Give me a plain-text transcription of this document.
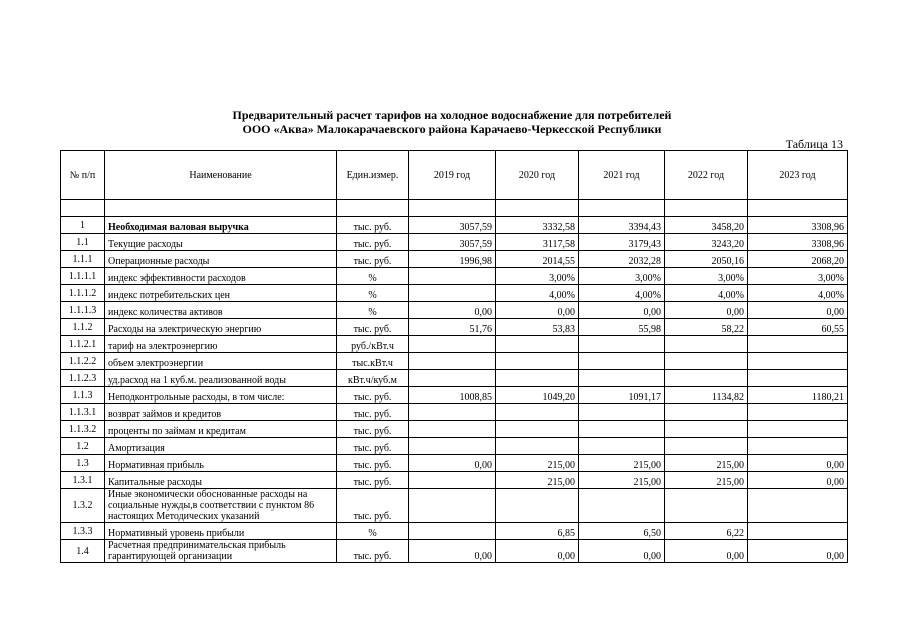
Предварительный расчет тарифов на холодное водоснабжение для потребителей
ООО «Аква» Малокарачаевского района Карачаево-Черкесской Республики
Таблица 13
№ п/п	Наименование	Един.измер.	2019 год	2020 год	2021 год	2022 год	2023 год

1	Необходимая валовая выручка	тыс. руб.	3057,59	3332,58	3394,43	3458,20	3308,96
1.1	Текущие расходы	тыс. руб.	3057,59	3117,58	3179,43	3243,20	3308,96
1.1.1	Операционные расходы	тыс. руб.	1996,98	2014,55	2032,28	2050,16	2068,20
1.1.1.1	индекс эффективности расходов	%		3,00%	3,00%	3,00%	3,00%
1.1.1.2	индекс потребительских цен	%		4,00%	4,00%	4,00%	4,00%
1.1.1.3	индекс количества активов	%	0,00	0,00	0,00	0,00	0,00
1.1.2	Расходы на электрическую энергию	тыс. руб.	51,76	53,83	55,98	58,22	60,55
1.1.2.1	тариф на электроэнергию	руб./кВт.ч					
1.1.2.2	объем электроэнергии	тыс.кВт.ч					
1.1.2.3	уд.расход на 1 куб.м. реализованной воды	кВт.ч/куб.м					
1.1.3	Неподконтрольные расходы, в том числе:	тыс. руб.	1008,85	1049,20	1091,17	1134,82	1180,21
1.1.3.1	возврат займов и кредитов	тыс. руб.					
1.1.3.2	проценты по займам и кредитам	тыс. руб.					
1.2	Амортизация	тыс. руб.					
1.3	Нормативная прибыль	тыс. руб.	0,00	215,00	215,00	215,00	0,00
1.3.1	Капитальные расходы	тыс. руб.		215,00	215,00	215,00	0,00
1.3.2	Иные экономически обоснованные расходы на социальные нужды,в соответствии с пунктом 86 настоящих Методических указаний	тыс. руб.					
1.3.3	Нормативный уровень прибыли	%		6,85	6,50	6,22	
1.4	Расчетная предпринимательская прибыль гарантирующей организации	тыс. руб.	0,00	0,00	0,00	0,00	0,00
